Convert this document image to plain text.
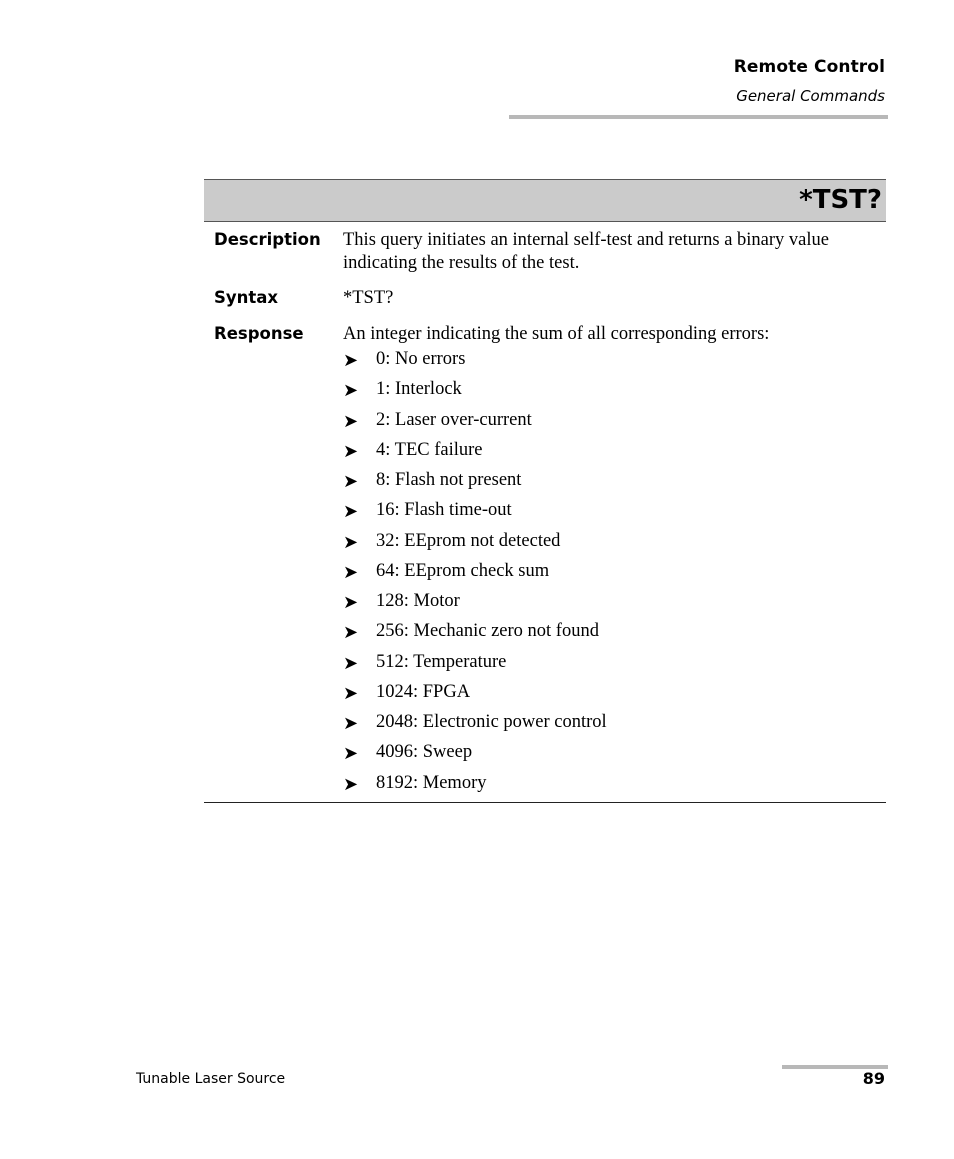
Remote Control
General Commands
*TST?
Description This query initiates an internal self-test and returns a binary value indicating the results of the test.
Syntax	*TST?
Response An integer indicating the sum of all corresponding errors:
➤ 0: No errors
➤ 1: Interlock
➤ 2: Laser over-current
➤ 4: TEC failure
➤ 8: Flash not present
➤ 16: Flash time-out
➤ 32: EEprom not detected
➤ 64: EEprom check sum
➤ 128: Motor
➤ 256: Mechanic zero not found
➤ 512: Temperature
➤ 1024: FPGA
➤ 2048: Electronic power control
➤ 4096: Sweep
➤ 8192: Memory
Tunable Laser Source	89
